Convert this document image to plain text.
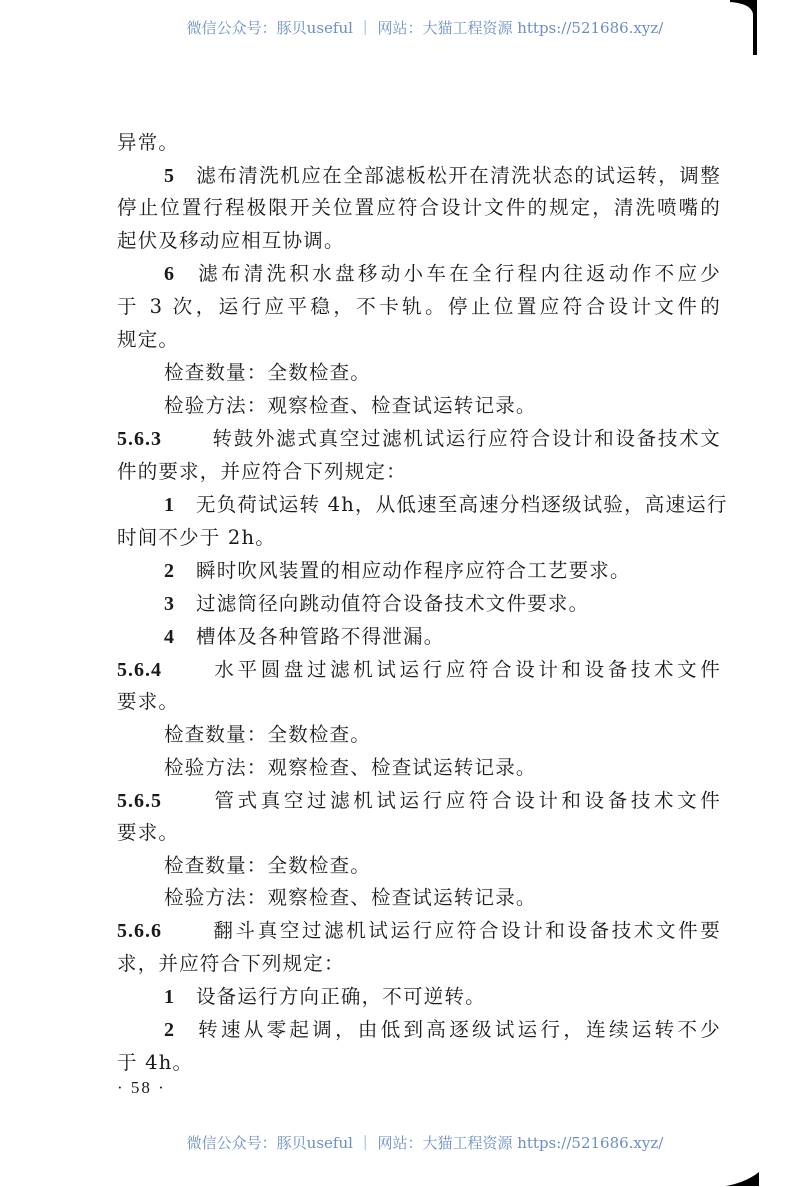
微信公众号：豚贝useful ｜ 网站：大猫工程资源 https://521686.xyz/
异常。
5 滤布清洗机应在全部滤板松开在清洗状态的试运转，调整
停止位置行程极限开关位置应符合设计文件的规定，清洗喷嘴的
起伏及移动应相互协调。
6 滤布清洗积水盘移动小车在全行程内往返动作不应少
于 3 次，运行应平稳，不卡轨。停止位置应符合设计文件的
规定。
检查数量：全数检查。
检验方法：观察检查、检查试运转记录。
5.6.3	转鼓外滤式真空过滤机试运行应符合设计和设备技术文
件的要求，并应符合下列规定：
1 无负荷试运转 4h，从低速至高速分档逐级试验，高速运行
时间不少于 2h。
2 瞬时吹风装置的相应动作程序应符合工艺要求。
3 过滤筒径向跳动值符合设备技术文件要求。
4 槽体及各种管路不得泄漏。
5.6.4	水平圆盘过滤机试运行应符合设计和设备技术文件
要求。
检查数量：全数检查。
检验方法：观察检查、检查试运转记录。
5.6.5	管式真空过滤机试运行应符合设计和设备技术文件
要求。
检查数量：全数检查。
检验方法：观察检查、检查试运转记录。
5.6.6	翻斗真空过滤机试运行应符合设计和设备技术文件要
求，并应符合下列规定：
1 设备运行方向正确，不可逆转。
2 转速从零起调，由低到高逐级试运行，连续运转不少
于 4h。
· 58 ·
微信公众号：豚贝useful ｜ 网站：大猫工程资源 https://521686.xyz/
